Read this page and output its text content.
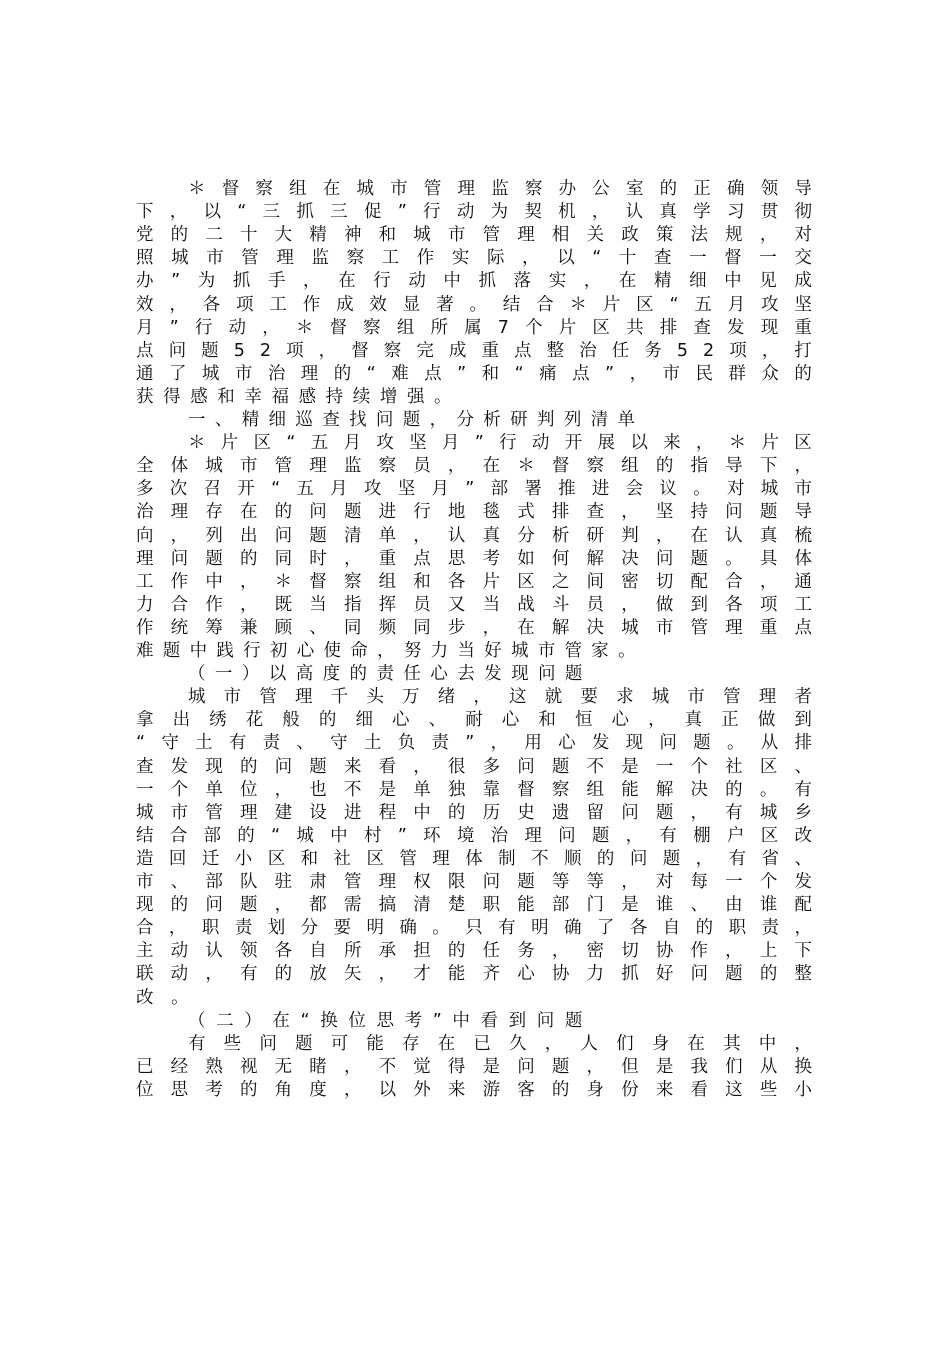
＊ 督 察 组 在 城 市 管 理 监 察 办 公 室 的 正 确 领 导
下 ， 以 “ 三 抓 三 促 ” 行 动 为 契 机 ， 认 真 学 习 贯 彻
党 的 二 十 大 精 神 和 城 市 管 理 相 关 政 策 法 规 ， 对
照 城 市 管 理 监 察 工 作 实 际 ， 以 “ 十 查 一 督 一 交
办 ” 为 抓 手 ， 在 行 动 中 抓 落 实 ， 在 精 细 中 见 成
效 ， 各 项 工 作 成 效 显 著 。 结 合 ＊ 片 区 “ 五 月 攻 坚
月 ” 行 动 ， ＊ 督 察 组 所 属 7 个 片 区 共 排 查 发 现 重
点 问 题 5 2 项 ， 督 察 完 成 重 点 整 治 任 务 5 2 项 ， 打
通 了 城 市 治 理 的 “ 难 点 ” 和 “ 痛 点 ” ， 市 民 群 众 的
获 得 感 和 幸 福 感 持 续 增 强 。
一 、 精 细 巡 查 找 问 题 ， 分 析 研 判 列 清 单
＊ 片 区 “ 五 月 攻 坚 月 ” 行 动 开 展 以 来 ， ＊ 片 区
全 体 城 市 管 理 监 察 员 ， 在 ＊ 督 察 组 的 指 导 下 ，
多 次 召 开 “ 五 月 攻 坚 月 ” 部 署 推 进 会 议 。 对 城 市
治 理 存 在 的 问 题 进 行 地 毯 式 排 查 ， 坚 持 问 题 导
向 ， 列 出 问 题 清 单 ， 认 真 分 析 研 判 ， 在 认 真 梳
理 问 题 的 同 时 ， 重 点 思 考 如 何 解 决 问 题 。 具 体
工 作 中 ， ＊ 督 察 组 和 各 片 区 之 间 密 切 配 合 ， 通
力 合 作 ， 既 当 指 挥 员 又 当 战 斗 员 ， 做 到 各 项 工
作 统 筹 兼 顾 、 同 频 同 步 ， 在 解 决 城 市 管 理 重 点
难 题 中 践 行 初 心 使 命 ， 努 力 当 好 城 市 管 家 。
（ 一 ） 以 高 度 的 责 任 心 去 发 现 问 题
城 市 管 理 千 头 万 绪 ， 这 就 要 求 城 市 管 理 者
拿 出 绣 花 般 的 细 心 、 耐 心 和 恒 心 ， 真 正 做 到
“ 守 土 有 责 、 守 土 负 责 ” ， 用 心 发 现 问 题 。 从 排
查 发 现 的 问 题 来 看 ， 很 多 问 题 不 是 一 个 社 区 、
一 个 单 位 ， 也 不 是 单 独 靠 督 察 组 能 解 决 的 。 有
城 市 管 理 建 设 进 程 中 的 历 史 遗 留 问 题 ， 有 城 乡
结 合 部 的 “ 城 中 村 ” 环 境 治 理 问 题 ， 有 棚 户 区 改
造 回 迁 小 区 和 社 区 管 理 体 制 不 顺 的 问 题 ， 有 省 、
市 、 部 队 驻 肃 管 理 权 限 问 题 等 等 ， 对 每 一 个 发
现 的 问 题 ， 都 需 搞 清 楚 职 能 部 门 是 谁 、 由 谁 配
合 ， 职 责 划 分 要 明 确 。 只 有 明 确 了 各 自 的 职 责 ，
主 动 认 领 各 自 所 承 担 的 任 务 ， 密 切 协 作 ， 上 下
联 动 ， 有 的 放 矢 ， 才 能 齐 心 协 力 抓 好 问 题 的 整
改 。
（ 二 ） 在 “ 换 位 思 考 ” 中 看 到 问 题
有 些 问 题 可 能 存 在 已 久 ， 人 们 身 在 其 中 ，
已 经 熟 视 无 睹 ， 不 觉 得 是 问 题 ， 但 是 我 们 从 换
位 思 考 的 角 度 ， 以 外 来 游 客 的 身 份 来 看 这 些 小
